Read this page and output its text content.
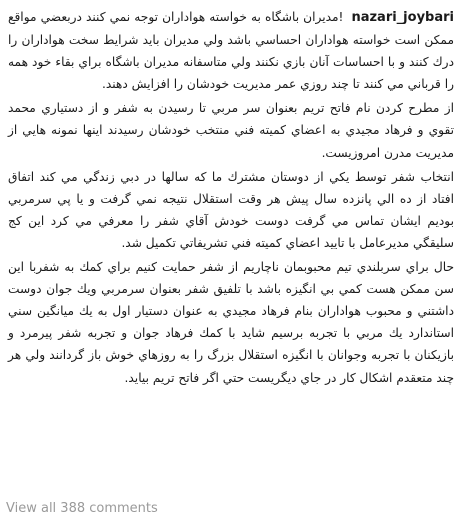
nazari_joybari!مديران باشگاه به خواسته هواداران توجه نمي كنند دربعضي مواقع ممكن است خواسته هواداران احساسي باشد ولي مديران بايد شرايط سخت هواداران را درك كنند و با احساسات آنان بازي نكنند ولي متاسفانه مديران باشگاه براي بقاء خود همه را قرباني مي كنند تا چند روزي عمر مديريت خودشان را افزايش دهند.

از مطرح كردن نام فاتح تريم بعنوان سر مربي تا رسيدن به شفر و از دستياري محمد تقوي و فرهاد مجيدي به اعضاي كميته فني منتخب خودشان رسيدند اينها نمونه هايي از مديريت مدرن امروزيست.

انتخاب شفر توسط يكي از دوستان مشترك ما كه سالها در دبي زندگي مي كند اتفاق افتاد از ده الي پانزده سال پيش هر وقت استقلال نتيجه نمي گرفت و يا پي سرمربي بوديم ايشان تماس مي گرفت دوست خودش آقاي شفر را معرفي مي كرد اين كج سليقگي مديرعامل با تاييد اعضاي كميته فني تشريفاتي تكميل شد.

حال براي سربلندي تيم محبوبمان ناچاريم از شفر حمايت كنيم براي كمك به شفربا اين سن ممكن هست كمي بي انگيزه باشد با تلفيق شفر بعنوان سرمربي ويك جوان دوست داشتني و محبوب هواداران بنام فرهاد مجيدي به عنوان دستيار اول به يك ميانگين سني استاندارد يك مربي با تجربه برسيم شايد با كمك فرهاد جوان و تجربه شفر پيرمرد و بازيكنان با تجربه وجوانان با انگيزه استقلال بزرگ را به روزهاي خوش باز گردانند ولي هر چند متعقدم اشكال كار در جاي ديگريست حتي اگر فاتح تريم بيايد.

View all 388 comments
